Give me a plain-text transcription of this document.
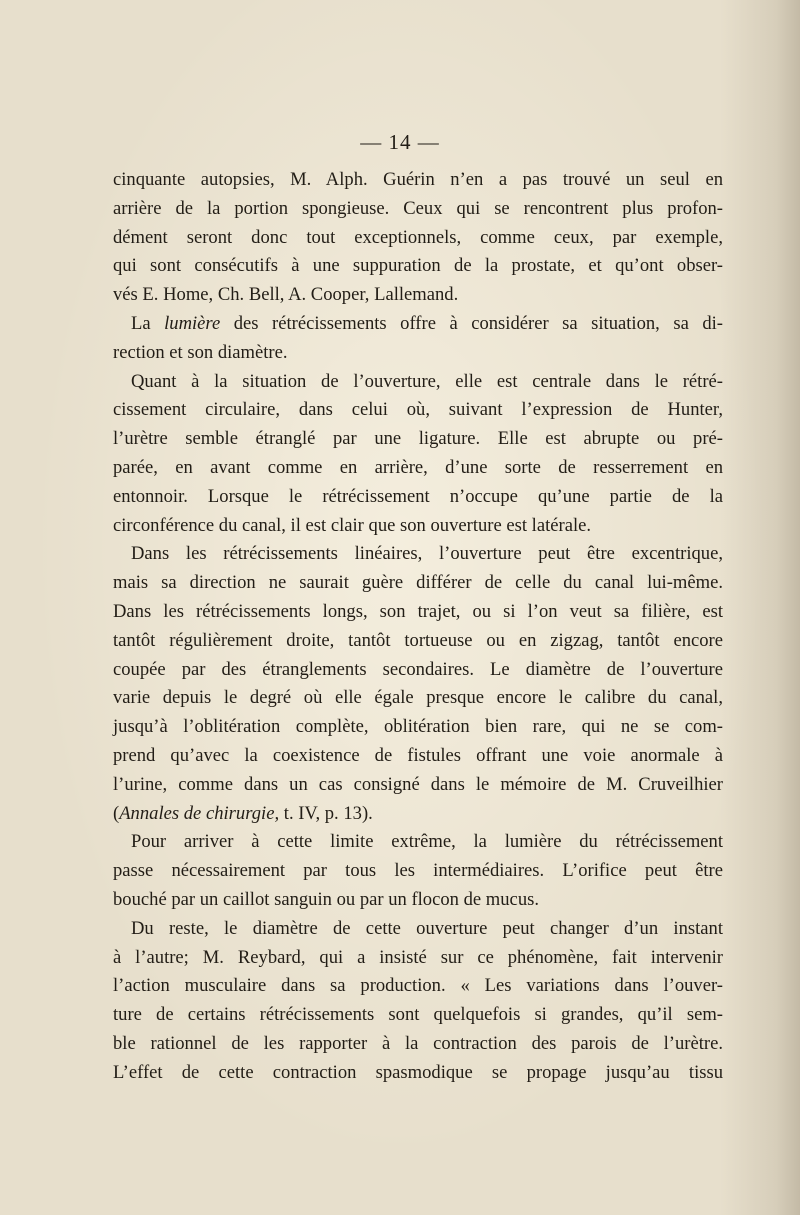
— 14 —

cinquante autopsies, M. Alph. Guérin n’en a pas trouvé un seul en

arrière de la portion spongieuse. Ceux qui se rencontrent plus profon-

dément seront donc tout exceptionnels, comme ceux, par exemple,

qui sont consécutifs à une suppuration de la prostate, et qu’ont obser-

vés E. Home, Ch. Bell, A. Cooper, Lallemand.

La lumière des rétrécissements offre à considérer sa situation, sa di-

rection et son diamètre.

Quant à la situation de l’ouverture, elle est centrale dans le rétré-

cissement circulaire, dans celui où, suivant l’expression de Hunter,

l’urètre semble étranglé par une ligature. Elle est abrupte ou pré-

parée, en avant comme en arrière, d’une sorte de resserrement en

entonnoir. Lorsque le rétrécissement n’occupe qu’une partie de la

circonférence du canal, il est clair que son ouverture est latérale.

Dans les rétrécissements linéaires, l’ouverture peut être excentrique,

mais sa direction ne saurait guère différer de celle du canal lui-même.

Dans les rétrécissements longs, son trajet, ou si l’on veut sa filière, est

tantôt régulièrement droite, tantôt tortueuse ou en zigzag, tantôt encore

coupée par des étranglements secondaires. Le diamètre de l’ouverture

varie depuis le degré où elle égale presque encore le calibre du canal,

jusqu’à l’oblitération complète, oblitération bien rare, qui ne se com-

prend qu’avec la coexistence de fistules offrant une voie anormale à

l’urine, comme dans un cas consigné dans le mémoire de M. Cruveilhier

(Annales de chirurgie, t. IV, p. 13).

Pour arriver à cette limite extrême, la lumière du rétrécissement

passe nécessairement par tous les intermédiaires. L’orifice peut être

bouché par un caillot sanguin ou par un flocon de mucus.

Du reste, le diamètre de cette ouverture peut changer d’un instant

à l’autre; M. Reybard, qui a insisté sur ce phénomène, fait intervenir

l’action musculaire dans sa production. « Les variations dans l’ouver-

ture de certains rétrécissements sont quelquefois si grandes, qu’il sem-

ble rationnel de les rapporter à la contraction des parois de l’urètre.

L’effet de cette contraction spasmodique se propage jusqu’au tissu
